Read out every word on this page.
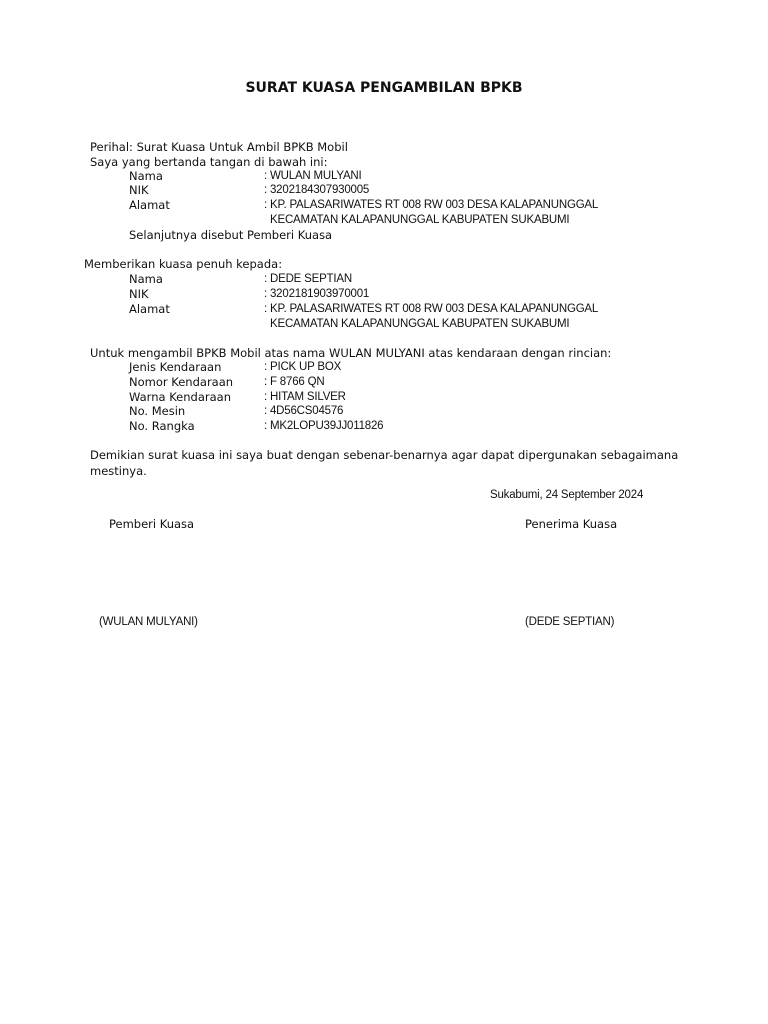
SURAT KUASA PENGAMBILAN BPKB
Perihal: Surat Kuasa Untuk Ambil BPKB Mobil
Saya yang bertanda tangan di bawah ini:
Nama	: WULAN MULYANI
NIK	: 3202184307930005
Alamat	: KP. PALASARIWATES RT 008 RW 003 DESA KALAPANUNGGAL
KECAMATAN KALAPANUNGGAL KABUPATEN SUKABUMI
Selanjutnya disebut Pemberi Kuasa
Memberikan kuasa penuh kepada:
Nama	: DEDE SEPTIAN
NIK	: 3202181903970001
Alamat	: KP. PALASARIWATES RT 008 RW 003 DESA KALAPANUNGGAL
KECAMATAN KALAPANUNGGAL KABUPATEN SUKABUMI
Untuk mengambil BPKB Mobil atas nama WULAN MULYANI atas kendaraan dengan rincian:
Jenis Kendaraan	: PICK UP BOX
Nomor Kendaraan	: F 8766 QN
Warna Kendaraan	: HITAM SILVER
No. Mesin	: 4D56CS04576
No. Rangka	: MK2LOPU39JJ011826
Demikian surat kuasa ini saya buat dengan sebenar-benarnya agar dapat dipergunakan sebagaimana
mestinya.
Sukabumi, 24 September 2024
Pemberi Kuasa	Penerima Kuasa
(WULAN MULYANI)	(DEDE SEPTIAN)
